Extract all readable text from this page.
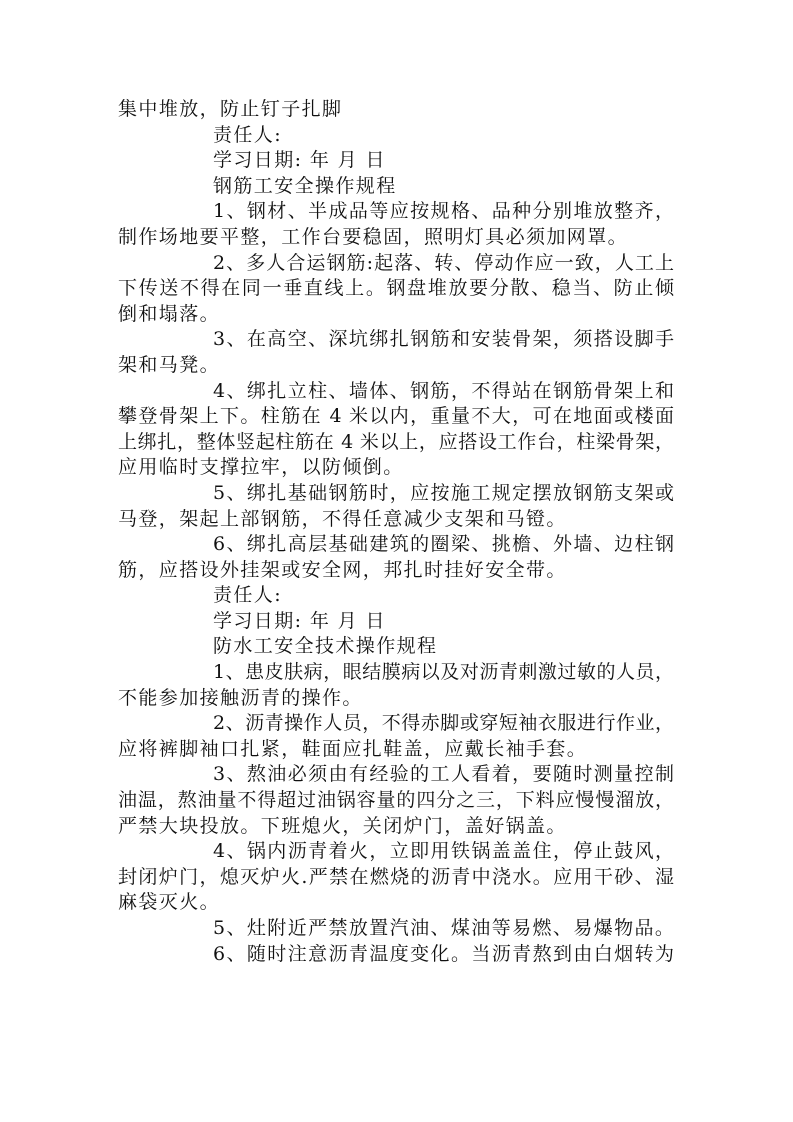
集中堆放，防止钉子扎脚
责任人:
学习日期: 年 月 日
钢筋工安全操作规程
1、钢材、半成品等应按规格、品种分别堆放整齐，
制作场地要平整，工作台要稳固，照明灯具必须加网罩。
2、多人合运钢筋:起落、转、停动作应一致，人工上
下传送不得在同一垂直线上。钢盘堆放要分散、稳当、防止倾
倒和塌落。
3、在高空、深坑绑扎钢筋和安装骨架，须搭设脚手
架和马凳。
4、绑扎立柱、墙体、钢筋，不得站在钢筋骨架上和
攀登骨架上下。柱筋在 4 米以内，重量不大，可在地面或楼面
上绑扎，整体竖起柱筋在 4 米以上，应搭设工作台，柱梁骨架，
应用临时支撑拉牢，以防倾倒。
5、绑扎基础钢筋时，应按施工规定摆放钢筋支架或
马登，架起上部钢筋，不得任意减少支架和马镫。
6、绑扎高层基础建筑的圈梁、挑檐、外墙、边柱钢
筋，应搭设外挂架或安全网，邦扎时挂好安全带。
责任人:
学习日期: 年 月 日
防水工安全技术操作规程
1、患皮肤病，眼结膜病以及对沥青刺激过敏的人员，
不能参加接触沥青的操作。
2、沥青操作人员，不得赤脚或穿短袖衣服进行作业，
应将裤脚袖口扎紧，鞋面应扎鞋盖，应戴长袖手套。
3、熬油必须由有经验的工人看着，要随时测量控制
油温，熬油量不得超过油锅容量的四分之三，下料应慢慢溜放，
严禁大块投放。下班熄火，关闭炉门，盖好锅盖。
4、锅内沥青着火，立即用铁锅盖盖住，停止鼓风，
封闭炉门，熄灭炉火.严禁在燃烧的沥青中浇水。应用干砂、湿
麻袋灭火。
5、灶附近严禁放置汽油、煤油等易燃、易爆物品。
6、随时注意沥青温度变化。当沥青熬到由白烟转为
